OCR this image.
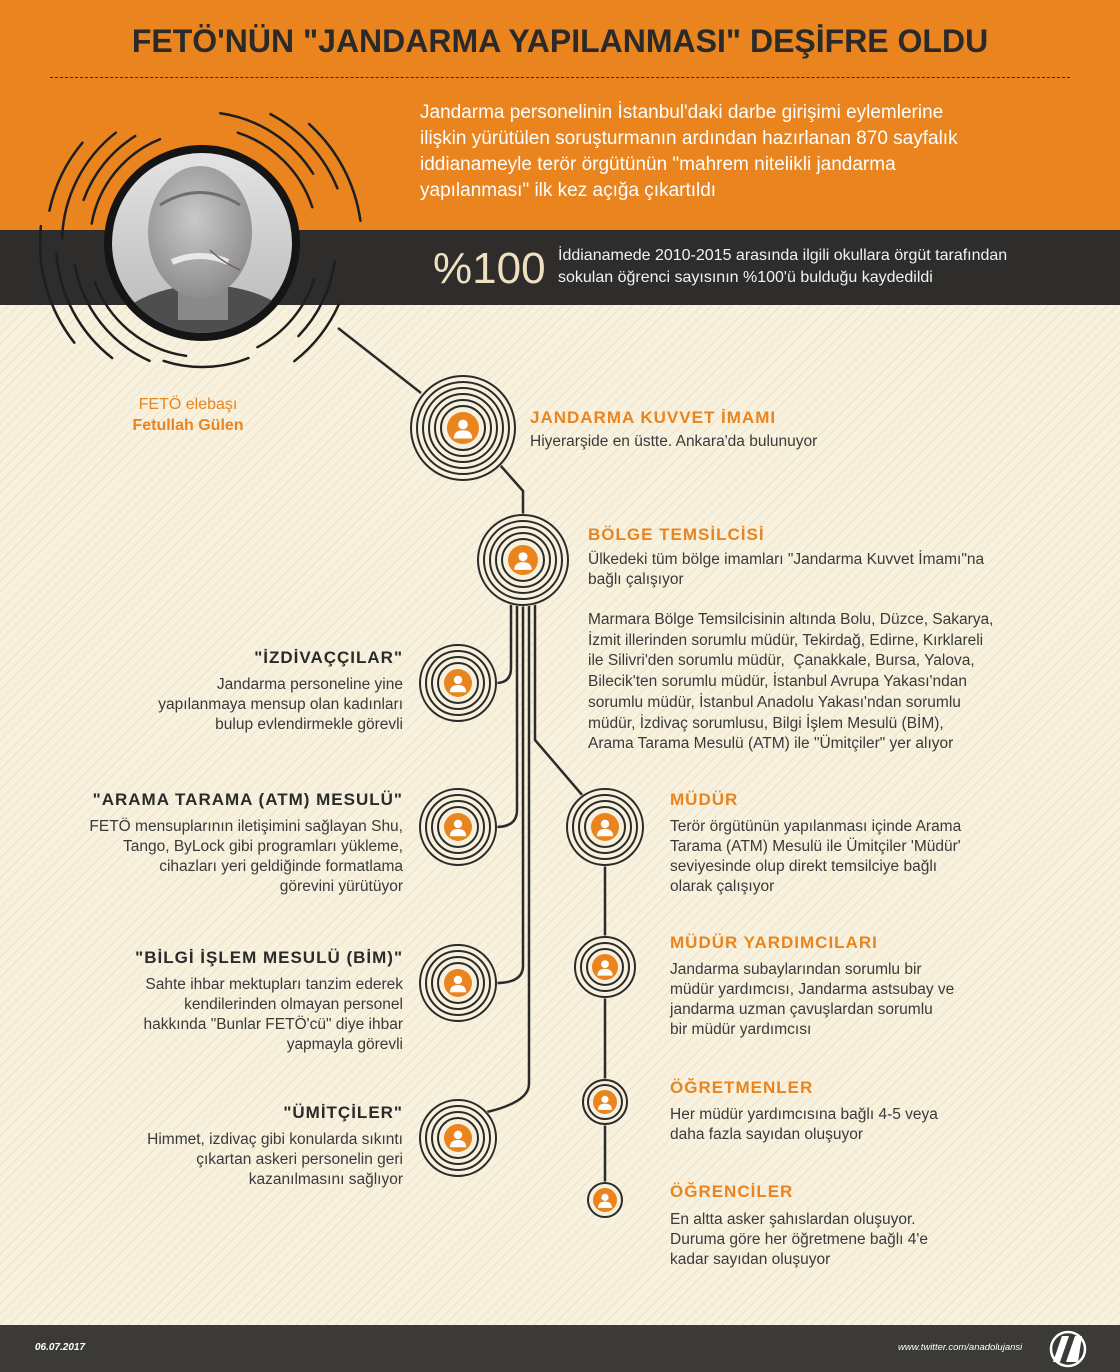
FETÖ'NÜN "JANDARMA YAPILANMASI" DEŞİFRE OLDU
Jandarma personelinin İstanbul'daki darbe girişimi eylemlerine
ilişkin yürütülen soruşturmanın ardından hazırlanan 870 sayfalık
iddianameyle terör örgütünün "mahrem nitelikli jandarma
yapılanması" ilk kez açığa çıkartıldı
%100 İddianamede 2010-2015 arasında ilgili okullara örgüt tarafından
sokulan öğrenci sayısının %100'ü bulduğu kaydedildi
FETÖ elebaşı
Fetullah Gülen	JANDARMA KUVVET İMAMI
Hiyerarşide en üstte. Ankara'da bulunuyor
BÖLGE TEMSİLCİSİ
Ülkedeki tüm bölge imamları "Jandarma Kuvvet İmamı"na
bağlı çalışıyor
Marmara Bölge Temsilcisinin altında Bolu, Düzce, Sakarya,
İzmit illerinden sorumlu müdür, Tekirdağ, Edirne, Kırklareli
ile Silivri'den sorumlu müdür,  Çanakkale, Bursa, Yalova,
Bilecik'ten sorumlu müdür, İstanbul Avrupa Yakası'ndan
sorumlu müdür, İstanbul Anadolu Yakası'ndan sorumlu
müdür, İzdivaç sorumlusu, Bilgi İşlem Mesulü (BİM),
Arama Tarama Mesulü (ATM) ile "Ümitçiler" yer alıyor
"İZDİVAÇÇILAR"
Jandarma personeline yine
yapılanmaya mensup olan kadınları
bulup evlendirmekle görevli
"ARAMA TARAMA (ATM) MESULÜ"
FETÖ mensuplarının iletişimini sağlayan Shu,
Tango, ByLock gibi programları yükleme,
cihazları yeri geldiğinde formatlama
görevini yürütüyor
"BİLGİ İŞLEM MESULÜ (BİM)"
Sahte ihbar mektupları tanzim ederek
kendilerinden olmayan personel
hakkında "Bunlar FETÖ'cü" diye ihbar
yapmayla görevli
"ÜMİTÇİLER"
Himmet, izdivaç gibi konularda sıkıntı
çıkartan askeri personelin geri
kazanılmasını sağlıyor
MÜDÜR
Terör örgütünün yapılanması içinde Arama
Tarama (ATM) Mesulü ile Ümitçiler 'Müdür'
seviyesinde olup direkt temsilciye bağlı
olarak çalışıyor
MÜDÜR YARDIMCILARI
Jandarma subaylarından sorumlu bir
müdür yardımcısı, Jandarma astsubay ve
jandarma uzman çavuşlardan sorumlu
bir müdür yardımcısı
ÖĞRETMENLER
Her müdür yardımcısına bağlı 4-5 veya
daha fazla sayıdan oluşuyor
ÖĞRENCİLER
En altta asker şahıslardan oluşuyor.
Duruma göre her öğretmene bağlı 4'e
kadar sayıdan oluşuyor
06.07.2017	www.twitter.com/anadolujansi
